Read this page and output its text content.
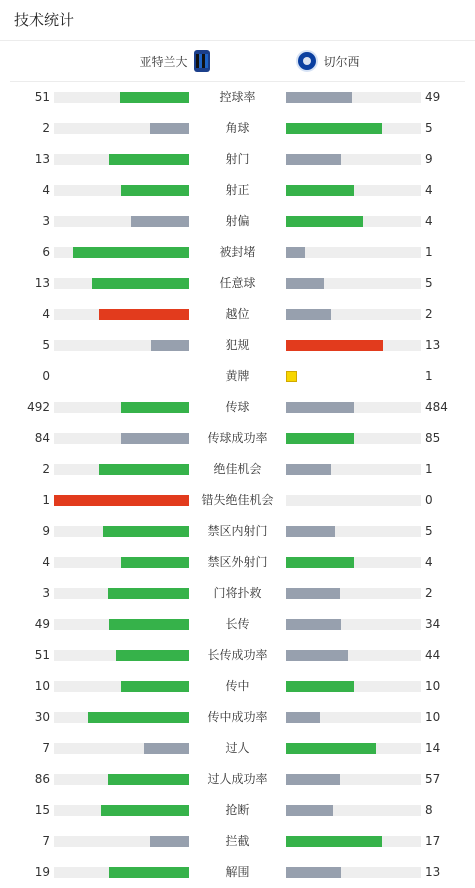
技术统计
亚特兰大	切尔西
51	控球率	49
2	角球	5
13	射门	9
4	射正	4
3	射偏	4
6	被封堵	1
13	任意球	5
4	越位	2
5	犯规	13
0	黄牌	1
492	传球	484
84	传球成功率	85
2	绝佳机会	1
1	错失绝佳机会	0
9	禁区内射门	5
4	禁区外射门	4
3	门将扑救	2
49	长传	34
51	长传成功率	44
10	传中	10
30	传中成功率	10
7	过人	14
86	过人成功率	57
15	抢断	8
7	拦截	17
19	解围	13
